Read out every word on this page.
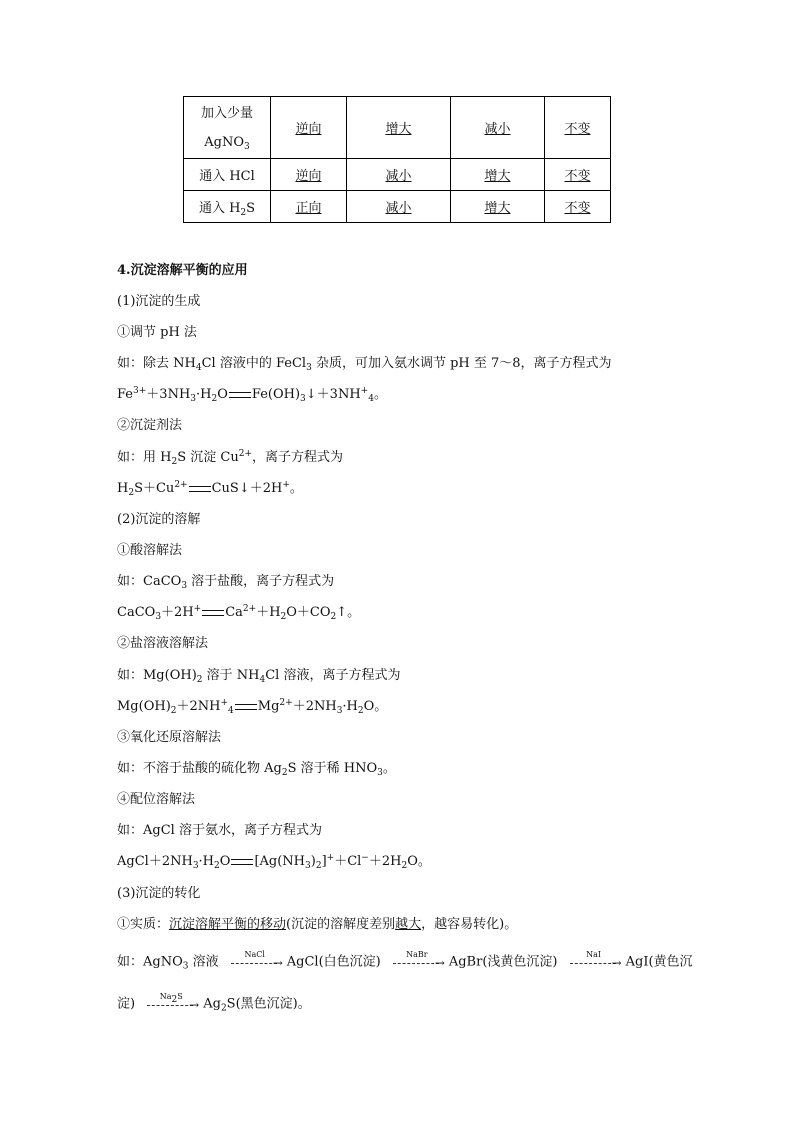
加入少量
AgNO$_3$	逆向	增大	减小	不变
通入 HCl	逆向	减小	增大	不变
通入 $H_2S$	正向	减小	增大	不变
4.沉淀溶解平衡的应用
(1)沉淀的生成
①调节 pH 法
如：除去 $NH_4Cl$ 溶液中的 FeCl$_3$ 杂质，可加入氨水调节 pH 至 7～8，离子方程式为
$Fe^{3+}+3NH_3\cdot H_2O$ $Fe(OH)_3↓+3NH^+_4$。
②沉淀剂法
如：用 $H_2S$ 沉淀 $Cu^{2+}$，离子方程式为
$H_2S+Cu^{2+}$ CuS↓＋2H+。
(2)沉淀的溶解
①酸溶解法
如：CaCO$_3$ 溶于盐酸，离子方程式为
CaCO$_3$＋2H+ $Ca^{2+}+H_2O+CO_2↑$。
②盐溶液溶解法
如：$Mg(OH)_2$ 溶于 $NH_4Cl$ 溶液，离子方程式为
$Mg(OH)_2+2NH^+_4$ $Mg^{2+}+2NH_3\cdot H_2O$。
③氧化还原溶解法
如：不溶于盐酸的硫化物 $Ag_2S$ 溶于稀 $HNO_3$。
④配位溶解法
如：AgCl 溶于氨水，离子方程式为
$AgCl+2NH_3\cdot H_2O$ $[Ag(NH_3)_2]^++Cl^-+2H_2O$。
(3)沉淀的转化
①实质：沉淀溶解平衡的移动(沉淀的溶解度差别越大，越容易转化)。
如：AgNO$_3$ 溶液	NaCl
→ AgCl(白色沉淀)	NaBr
→ AgBr(浅黄色沉淀)	NaI
→ AgI(黄色沉
淀)	$Na_2S$
→ $Ag_2S$(黑色沉淀)。
